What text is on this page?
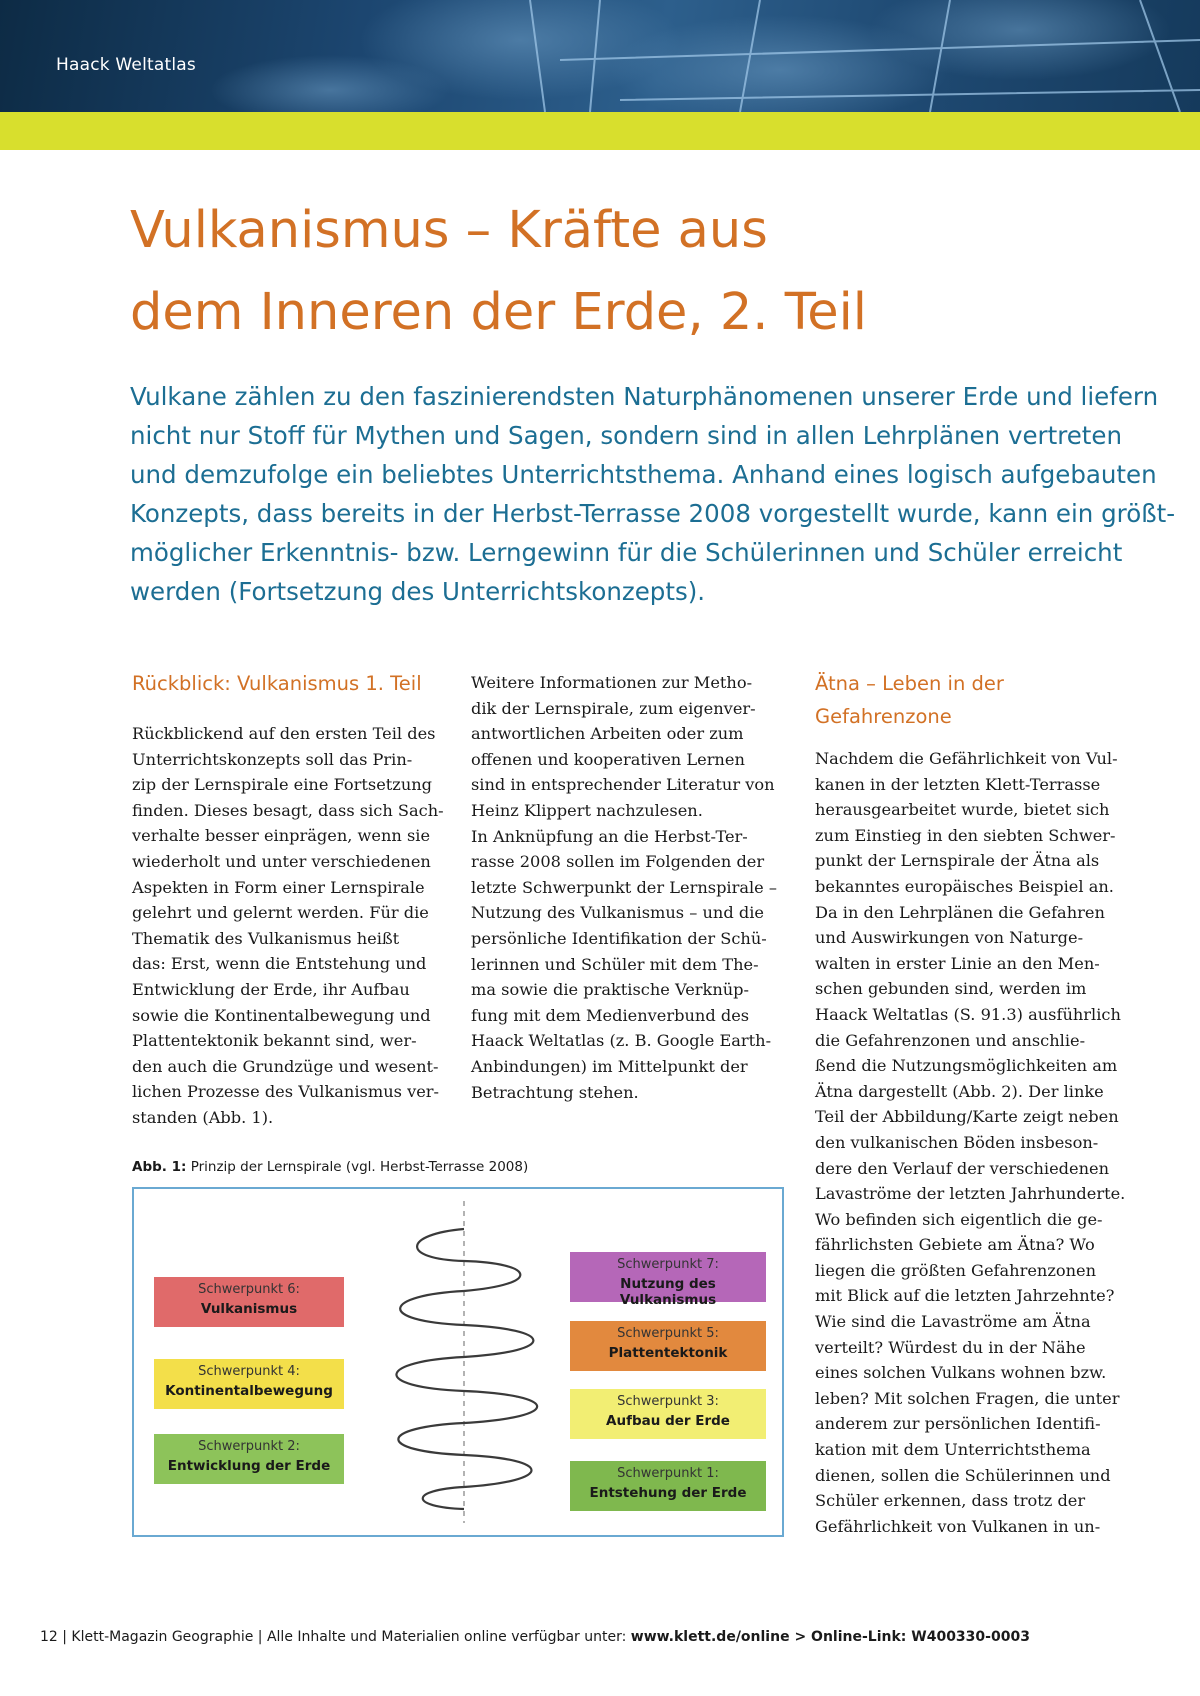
Haack Weltatlas
Vulkanismus – Kräfte aus
dem Inneren der Erde, 2. Teil
Vulkane zählen zu den faszinierendsten Naturphänomenen unserer Erde und liefern
nicht nur Stoff für Mythen und Sagen, sondern sind in allen Lehrplänen vertreten
und demzufolge ein beliebtes Unterrichtsthema. Anhand eines logisch aufgebauten
Konzepts, dass bereits in der Herbst-Terrasse 2008 vorgestellt wurde, kann ein größt-
möglicher Erkenntnis- bzw. Lerngewinn für die Schülerinnen und Schüler erreicht
werden (Fortsetzung des Unterrichtskonzepts).
Rückblick: Vulkanismus 1. Teil
Rückblickend auf den ersten Teil des
Unterrichtskonzepts soll das Prin-
zip der Lernspirale eine Fortsetzung
finden. Dieses besagt, dass sich Sach-
verhalte besser einprägen, wenn sie
wiederholt und unter verschiedenen
Aspekten in Form einer Lernspirale
gelehrt und gelernt werden. Für die
Thematik des Vulkanismus heißt
das: Erst, wenn die Entstehung und
Entwicklung der Erde, ihr Aufbau
sowie die Kontinentalbewegung und
Plattentektonik bekannt sind, wer-
den auch die Grundzüge und wesent-
lichen Prozesse des Vulkanismus ver-
standen (Abb. 1).
Weitere Informationen zur Metho-
dik der Lernspirale, zum eigenver-
antwortlichen Arbeiten oder zum
offenen und kooperativen Lernen
sind in entsprechender Literatur von
Heinz Klippert nachzulesen.
In Anknüpfung an die Herbst-Ter-
rasse 2008 sollen im Folgenden der
letzte Schwerpunkt der Lernspirale –
Nutzung des Vulkanismus – und die
persönliche Identifikation der Schü-
lerinnen und Schüler mit dem The-
ma sowie die praktische Verknüp-
fung mit dem Medienverbund des
Haack Weltatlas (z. B. Google Earth-
Anbindungen) im Mittelpunkt der
Betrachtung stehen.
Ätna – Leben in der
Gefahrenzone
Nachdem die Gefährlichkeit von Vul-
kanen in der letzten Klett-Terrasse
herausgearbeitet wurde, bietet sich
zum Einstieg in den siebten Schwer-
punkt der Lernspirale der Ätna als
bekanntes europäisches Beispiel an.
Da in den Lehrplänen die Gefahren
und Auswirkungen von Naturge-
walten in erster Linie an den Men-
schen gebunden sind, werden im
Haack Weltatlas (S. 91.3) ausführlich
die Gefahrenzonen und anschlie-
ßend die Nutzungsmöglichkeiten am
Ätna dargestellt (Abb. 2). Der linke
Teil der Abbildung/Karte zeigt neben
den vulkanischen Böden insbeson-
dere den Verlauf der verschiedenen
Lavaströme der letzten Jahrhunderte.
Wo befinden sich eigentlich die ge-
fährlichsten Gebiete am Ätna? Wo
liegen die größten Gefahrenzonen
mit Blick auf die letzten Jahrzehnte?
Wie sind die Lavaströme am Ätna
verteilt? Würdest du in der Nähe
eines solchen Vulkans wohnen bzw.
leben? Mit solchen Fragen, die unter
anderem zur persönlichen Identifi-
kation mit dem Unterrichtsthema
dienen, sollen die Schülerinnen und
Schüler erkennen, dass trotz der
Gefährlichkeit von Vulkanen in un-
Abb. 1: Prinzip der Lernspirale (vgl. Herbst-Terrasse 2008)
Schwerpunkt 6:
Vulkanismus
Schwerpunkt 4:
Kontinentalbewegung
Schwerpunkt 2:
Entwicklung der Erde
Schwerpunkt 7:
Nutzung des Vulkanismus
Schwerpunkt 5:
Plattentektonik
Schwerpunkt 3:
Aufbau der Erde
Schwerpunkt 1:
Entstehung der Erde
12 | Klett-Magazin Geographie | Alle Inhalte und Materialien online verfügbar unter: www.klett.de/online > Online-Link: W400330-0003
